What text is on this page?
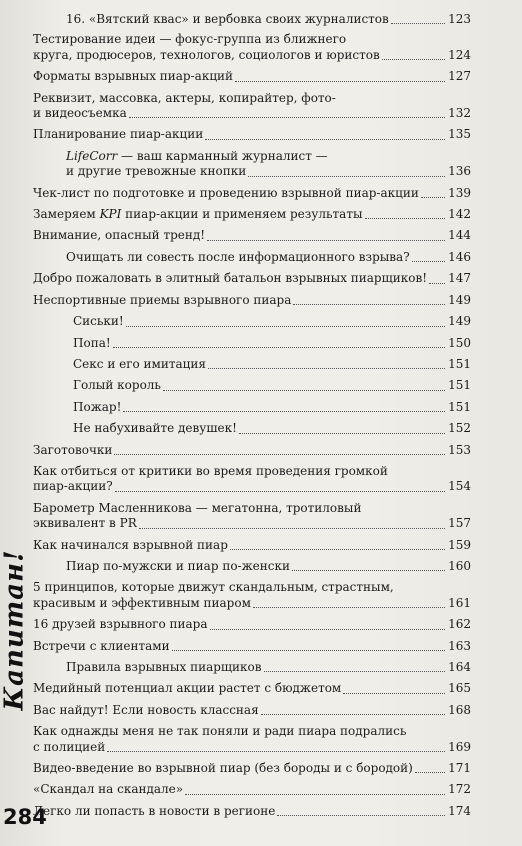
Капитан!
284
16. «Вятский квас» и вербовка своих журналистов	123
Тестирование идеи — фокус-группа из ближнего
круга, продюсеров, технологов, социологов и юристов	124
Форматы взрывных пиар-акций	127
Реквизит, массовка, актеры, копирайтер, фото-
и видеосъемка	132
Планирование пиар-акции	135
LifeCorr — ваш карманный журналист —
и другие тревожные кнопки	136
Чек-лист по подготовке и проведению взрывной пиар-акции 139
Замеряем KPI пиар-акции и применяем результаты	142
Внимание, опасный тренд!	144
Очищать ли совесть после информационного взрыва?	146
Добро пожаловать в элитный батальон взрывных пиарщиков! 147
Неспортивные приемы взрывного пиара	149
Сиськи!	149
Попа!	150
Секс и его имитация	151
Голый король	151
Пожар!	151
Не набухивайте девушек!	152
Заготовочки	153
Как отбиться от критики во время проведения громкой
пиар-акции?	154
Барометр Масленникова — мегатонна, тротиловый
эквивалент в PR	157
Как начинался взрывной пиар	159
Пиар по-мужски и пиар по-женски	160
5 принципов, которые движут скандальным, страстным,
красивым и эффективным пиаром	161
16 друзей взрывного пиара	162
Встречи с клиентами	163
Правила взрывных пиарщиков	164
Медийный потенциал акции растет с бюджетом	165
Вас найдут! Если новость классная	168
Как однажды меня не так поняли и ради пиара подрались
с полицией	169
Видео-введение во взрывной пиар (без бороды и с бородой)	171
«Скандал на скандале»	172
Легко ли попасть в новости в регионе	174
